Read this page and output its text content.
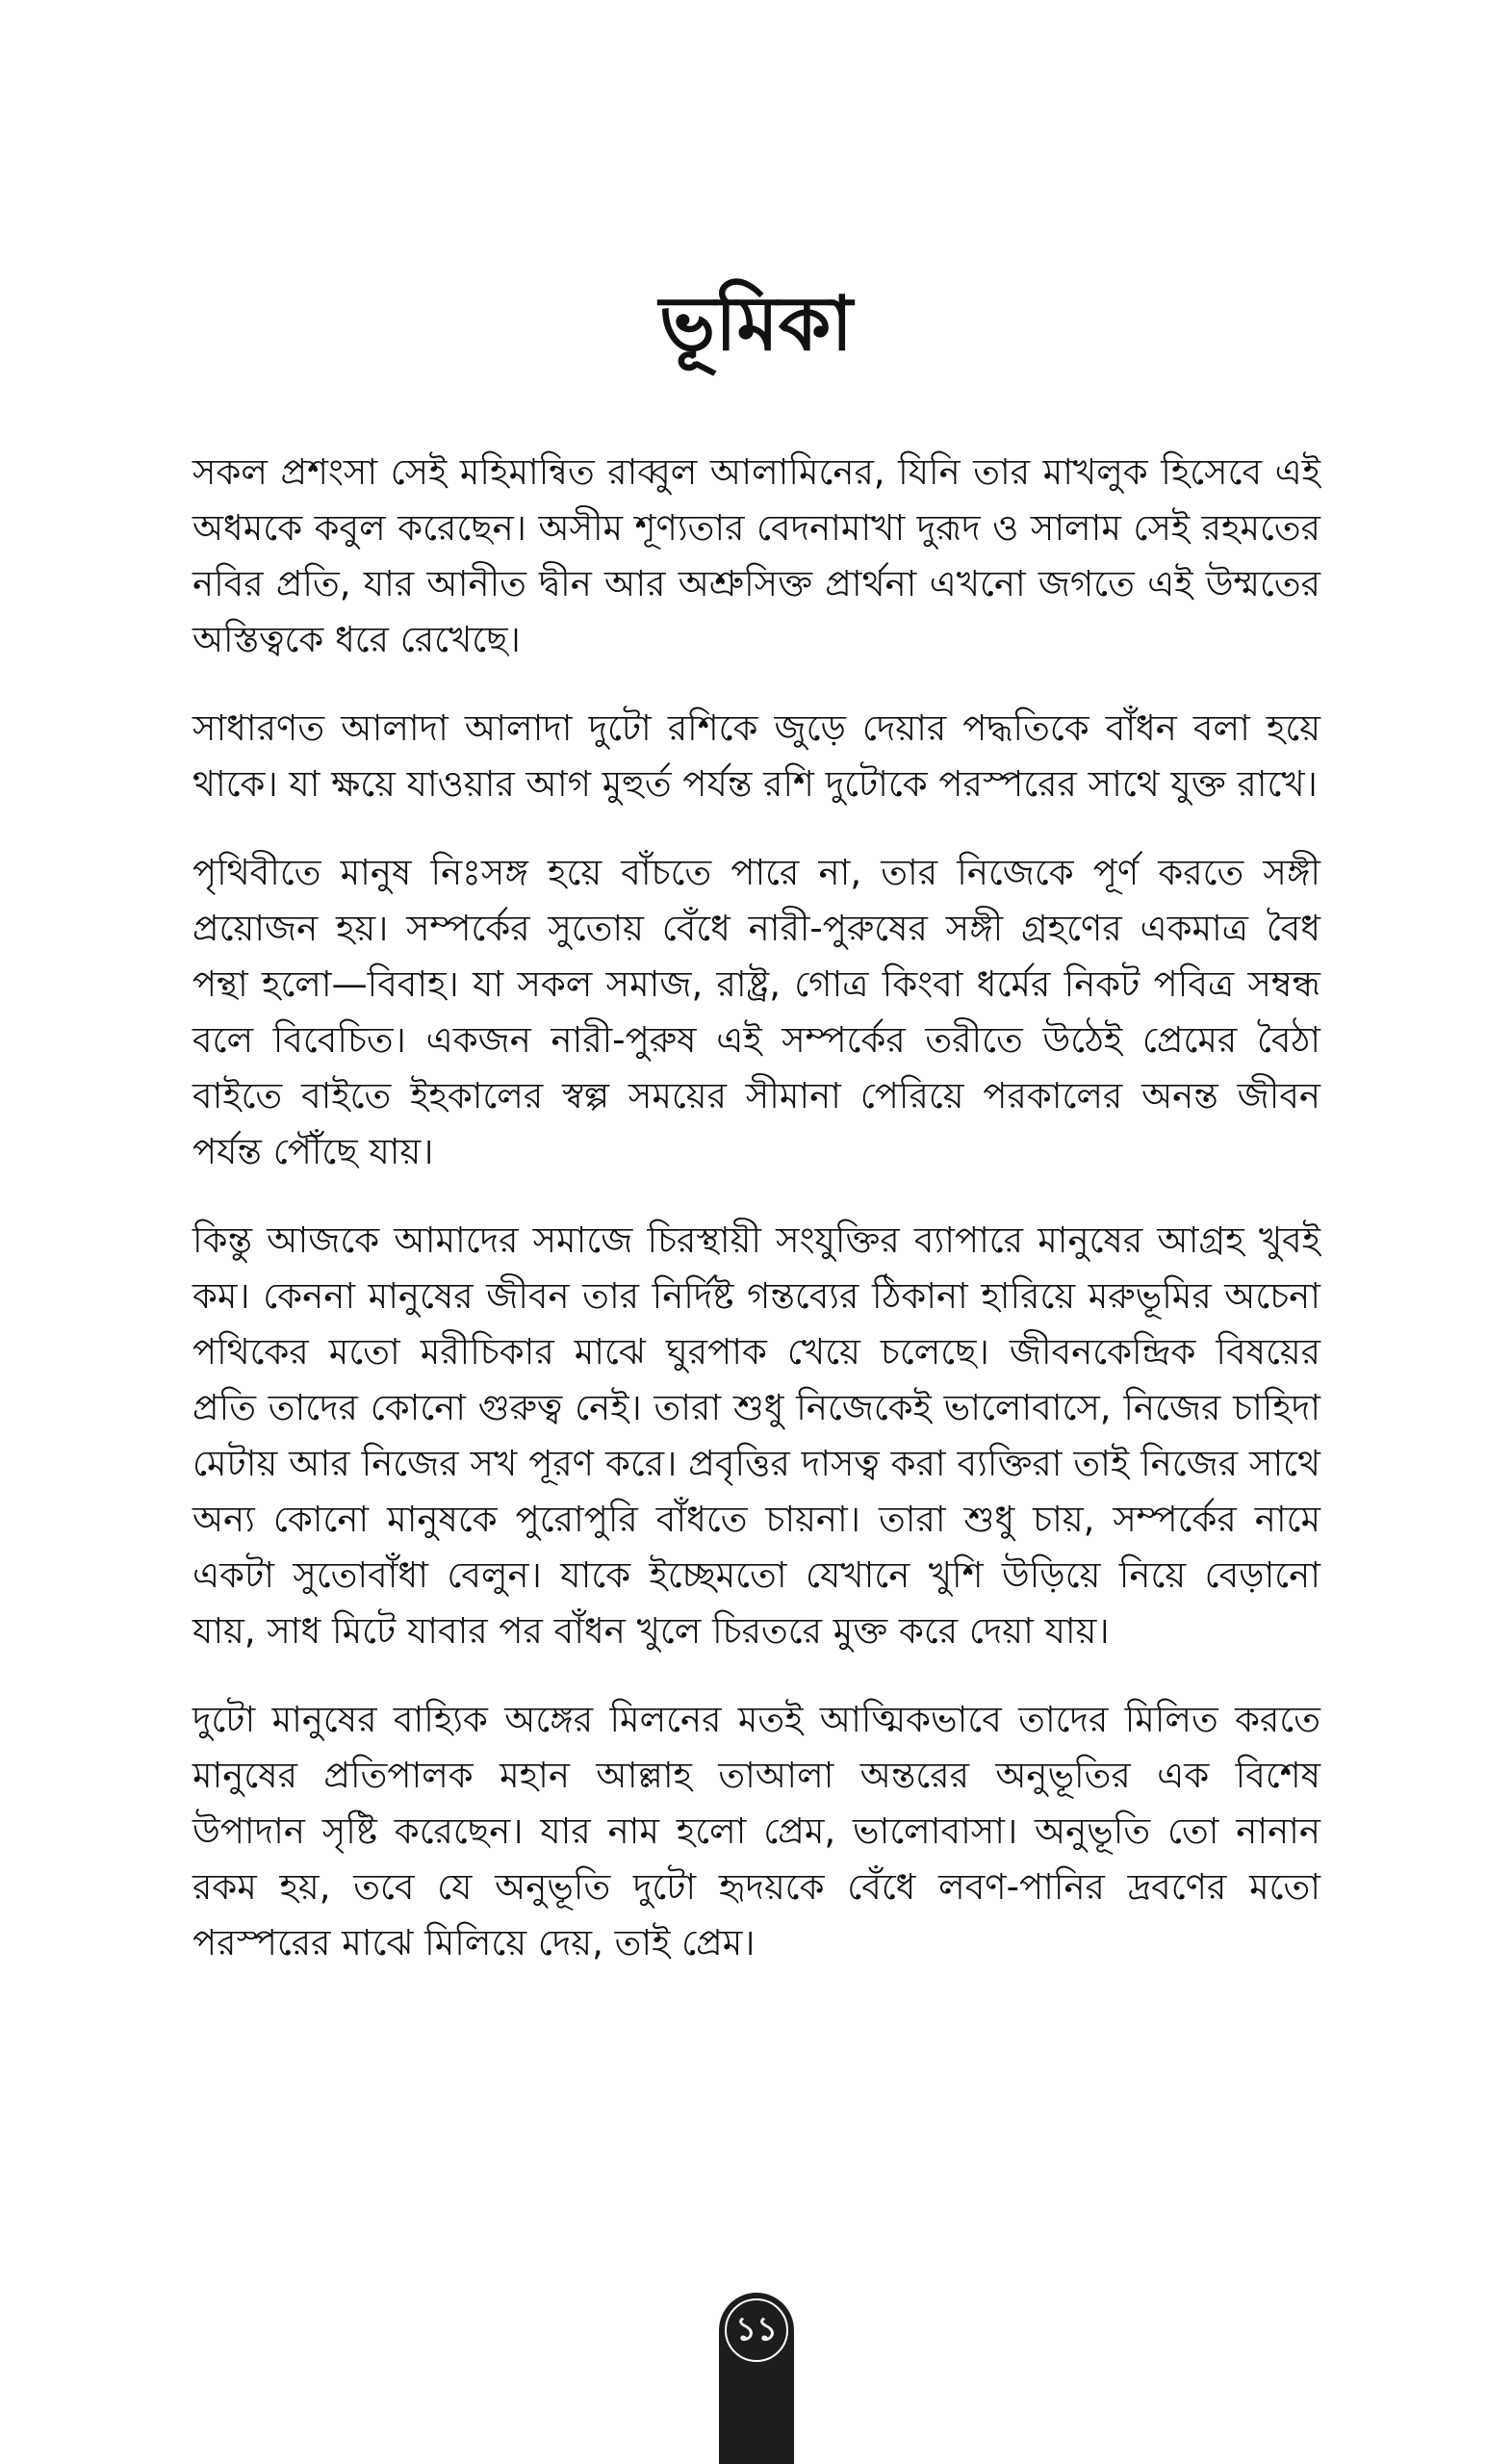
ভূমিকা

সকল প্রশংসা সেই মহিমান্বিত রাব্বুল আলামিনের, যিনি তার মাখলুক হিসেবে এই অধমকে কবুল করেছেন। অসীম শূণ্যতার বেদনামাখা দুরূদ ও সালাম সেই রহমতের নবির প্রতি, যার আনীত দ্বীন আর অশ্রুসিক্ত প্রার্থনা এখনো জগতে এই উম্মতের অস্তিত্বকে ধরে রেখেছে।

সাধারণত আলাদা আলাদা দুটো রশিকে জুড়ে দেয়ার পদ্ধতিকে বাঁধন বলা হয়ে থাকে। যা ক্ষয়ে যাওয়ার আগ মুহুর্ত পর্যন্ত রশি দুটোকে পরস্পরের সাথে যুক্ত রাখে।

পৃথিবীতে মানুষ নিঃসঙ্গ হয়ে বাঁচতে পারে না, তার নিজেকে পূর্ণ করতে সঙ্গী প্রয়োজন হয়। সম্পর্কের সুতোয় বেঁধে নারী-পুরুষের সঙ্গী গ্রহণের একমাত্র বৈধ পন্থা হলো—বিবাহ। যা সকল সমাজ, রাষ্ট্র, গোত্র কিংবা ধর্মের নিকট পবিত্র সম্বন্ধ বলে বিবেচিত। একজন নারী-পুরুষ এই সম্পর্কের তরীতে উঠেই প্রেমের বৈঠা বাইতে বাইতে ইহকালের স্বল্প সময়ের সীমানা পেরিয়ে পরকালের অনন্ত জীবন পর্যন্ত পৌঁছে যায়।

কিন্তু আজকে আমাদের সমাজে চিরস্থায়ী সংযুক্তির ব্যাপারে মানুষের আগ্রহ খুবই কম। কেননা মানুষের জীবন তার নির্দিষ্ট গন্তব্যের ঠিকানা হারিয়ে মরুভূমির অচেনা পথিকের মতো মরীচিকার মাঝে ঘুরপাক খেয়ে চলেছে। জীবনকেন্দ্রিক বিষয়ের প্রতি তাদের কোনো গুরুত্ব নেই। তারা শুধু নিজেকেই ভালোবাসে, নিজের চাহিদা মেটায় আর নিজের সখ পূরণ করে। প্রবৃত্তির দাসত্ব করা ব্যক্তিরা তাই নিজের সাথে অন্য কোনো মানুষকে পুরোপুরি বাঁধতে চায়না। তারা শুধু চায়, সম্পর্কের নামে একটা সুতোবাঁধা বেলুন। যাকে ইচ্ছেমতো যেখানে খুশি উড়িয়ে নিয়ে বেড়ানো যায়, সাধ মিটে যাবার পর বাঁধন খুলে চিরতরে মুক্ত করে দেয়া যায়।

দুটো মানুষের বাহ্যিক অঙ্গের মিলনের মতই আত্মিকভাবে তাদের মিলিত করতে মানুষের প্রতিপালক মহান আল্লাহ তাআলা অন্তরের অনুভূতির এক বিশেষ উপাদান সৃষ্টি করেছেন। যার নাম হলো প্রেম, ভালোবাসা। অনুভূতি তো নানান রকম হয়, তবে যে অনুভূতি দুটো হৃদয়কে বেঁধে লবণ-পানির দ্রবণের মতো পরস্পরের মাঝে মিলিয়ে দেয়, তাই প্রেম।

১১
